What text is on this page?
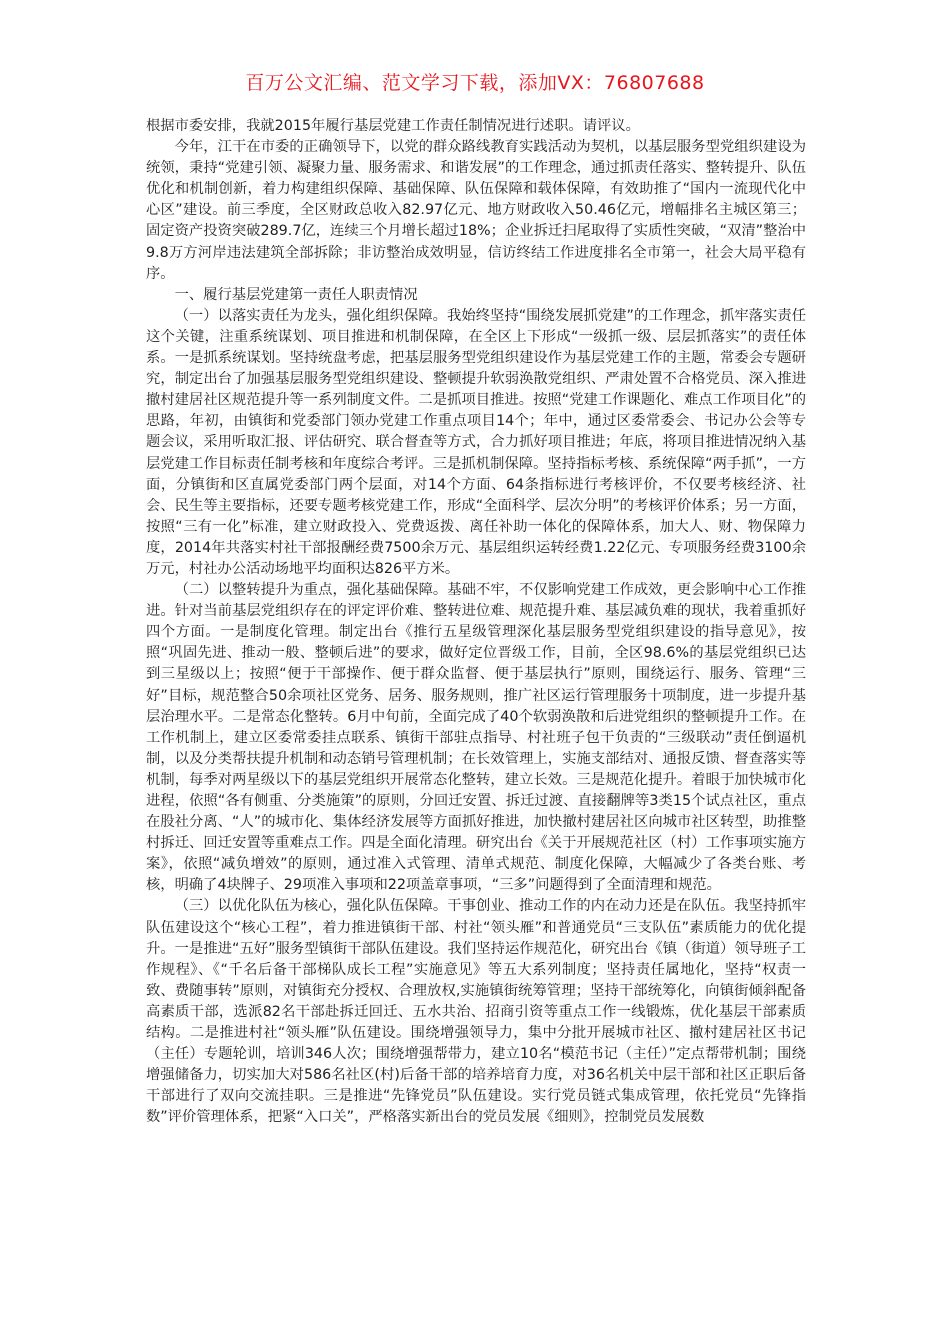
百万公文汇编、范文学习下载，添加VX：76807688

根据市委安排，我就2015年履行基层党建工作责任制情况进行述职。请评议。

今年，江干在市委的正确领导下，以党的群众路线教育实践活动为契机，以基层服务型党组织建设为统领，秉持“党建引领、凝聚力量、服务需求、和谐发展”的工作理念，通过抓责任落实、整转提升、队伍优化和机制创新，着力构建组织保障、基础保障、队伍保障和载体保障，有效助推了“国内一流现代化中心区”建设。前三季度，全区财政总收入82.97亿元、地方财政收入50.46亿元，增幅排名主城区第三；固定资产投资突破289.7亿，连续三个月增长超过18%；企业拆迁扫尾取得了实质性突破，“双清”整治中9.8万方河岸违法建筑全部拆除；非访整治成效明显，信访终结工作进度排名全市第一，社会大局平稳有序。

一、履行基层党建第一责任人职责情况

（一）以落实责任为龙头，强化组织保障。我始终坚持“围绕发展抓党建”的工作理念，抓牢落实责任这个关键，注重系统谋划、项目推进和机制保障，在全区上下形成“一级抓一级、层层抓落实”的责任体系。一是抓系统谋划。坚持统盘考虑，把基层服务型党组织建设作为基层党建工作的主题，常委会专题研究，制定出台了加强基层服务型党组织建设、整顿提升软弱涣散党组织、严肃处置不合格党员、深入推进撤村建居社区规范提升等一系列制度文件。二是抓项目推进。按照“党建工作课题化、难点工作项目化”的思路，年初，由镇街和党委部门领办党建工作重点项目14个；年中，通过区委常委会、书记办公会等专题会议，采用听取汇报、评估研究、联合督查等方式，合力抓好项目推进；年底，将项目推进情况纳入基层党建工作目标责任制考核和年度综合考评。三是抓机制保障。坚持指标考核、系统保障“两手抓”，一方面，分镇街和区直属党委部门两个层面，对14个方面、64条指标进行考核评价，不仅要考核经济、社会、民生等主要指标，还要专题考核党建工作，形成“全面科学、层次分明”的考核评价体系；另一方面，按照“三有一化”标准，建立财政投入、党费返拨、离任补助一体化的保障体系，加大人、财、物保障力度，2014年共落实村社干部报酬经费7500余万元、基层组织运转经费1.22亿元、专项服务经费3100余万元，村社办公活动场地平均面积达826平方米。

（二）以整转提升为重点，强化基础保障。基础不牢，不仅影响党建工作成效，更会影响中心工作推进。针对当前基层党组织存在的评定评价难、整转进位难、规范提升难、基层减负难的现状，我着重抓好四个方面。一是制度化管理。制定出台《推行五星级管理深化基层服务型党组织建设的指导意见》，按照“巩固先进、推动一般、整顿后进”的要求，做好定位晋级工作，目前，全区98.6%的基层党组织已达到三星级以上；按照“便于干部操作、便于群众监督、便于基层执行”原则，围绕运行、服务、管理“三好”目标，规范整合50余项社区党务、居务、服务规则，推广社区运行管理服务十项制度，进一步提升基层治理水平。二是常态化整转。6月中旬前，全面完成了40个软弱涣散和后进党组织的整顿提升工作。在工作机制上，建立区委常委挂点联系、镇街干部驻点指导、村社班子包干负责的“三级联动”责任倒逼机制，以及分类帮扶提升机制和动态销号管理机制；在长效管理上，实施支部结对、通报反馈、督查落实等机制，每季对两星级以下的基层党组织开展常态化整转，建立长效。三是规范化提升。着眼于加快城市化进程，依照“各有侧重、分类施策”的原则，分回迁安置、拆迁过渡、直接翻牌等3类15个试点社区，重点在股社分离、“人”的城市化、集体经济发展等方面抓好推进，加快撤村建居社区向城市社区转型，助推整村拆迁、回迁安置等重难点工作。四是全面化清理。研究出台《关于开展规范社区（村）工作事项实施方案》，依照“减负增效”的原则，通过准入式管理、清单式规范、制度化保障，大幅减少了各类台账、考核，明确了4块牌子、29项准入事项和22项盖章事项，“三多”问题得到了全面清理和规范。

（三）以优化队伍为核心，强化队伍保障。干事创业、推动工作的内在动力还是在队伍。我坚持抓牢队伍建设这个“核心工程”，着力推进镇街干部、村社“领头雁”和普通党员“三支队伍”素质能力的优化提升。一是推进“五好”服务型镇街干部队伍建设。我们坚持运作规范化，研究出台《镇（街道）领导班子工作规程》、《“千名后备干部梯队成长工程”实施意见》等五大系列制度；坚持责任属地化，坚持“权责一致、费随事转”原则，对镇街充分授权、合理放权,实施镇街统筹管理；坚持干部统筹化，向镇街倾斜配备高素质干部，选派82名干部赴拆迁回迁、五水共治、招商引资等重点工作一线锻炼，优化基层干部素质结构。二是推进村社“领头雁”队伍建设。围绕增强领导力，集中分批开展城市社区、撤村建居社区书记（主任）专题轮训，培训346人次；围绕增强帮带力，建立10名“模范书记（主任）”定点帮带机制；围绕增强储备力，切实加大对586名社区(村)后备干部的培养培育力度，对36名机关中层干部和社区正职后备干部进行了双向交流挂职。三是推进“先锋党员”队伍建设。实行党员链式集成管理，依托党员“先锋指数”评价管理体系，把紧“入口关”，严格落实新出台的党员发展《细则》，控制党员发展数
